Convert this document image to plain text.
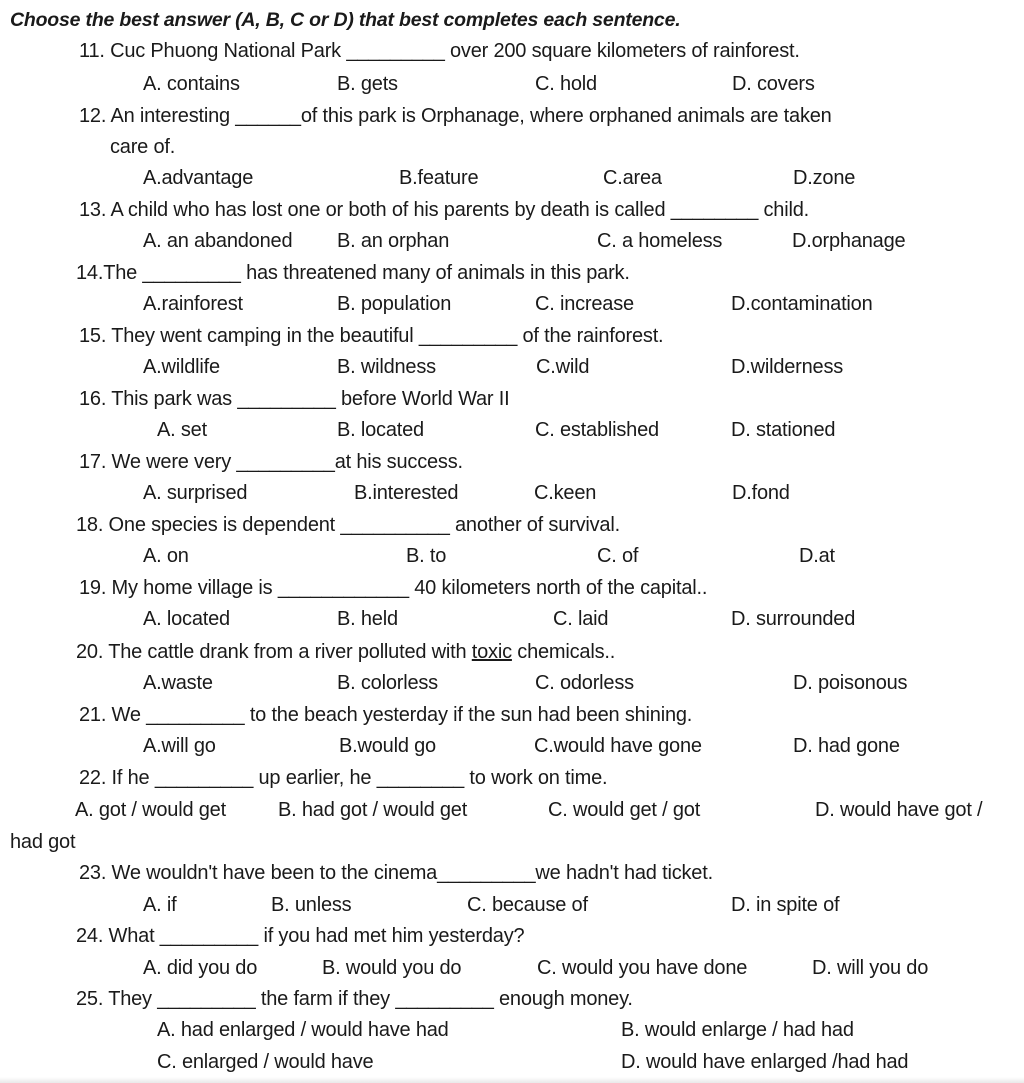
Choose the best answer (A, B, C or D) that best completes each sentence.
11. Cuc Phuong National Park _________ over 200 square kilometers of rainforest.
A. contains	B. gets	C. hold	D. covers
12. An interesting ______of this park is Orphanage, where orphaned animals are taken
care of.
A.advantage	B.feature	C.area	D.zone
13. A child who has lost one or both of his parents by death is called ________ child.
A. an abandoned B. an orphan	C. a homeless	D.orphanage
14.The _________ has threatened many of animals in this park.
A.rainforest	B. population	C. increase	D.contamination
15. They went camping in the beautiful _________ of the rainforest.
A.wildlife	B. wildness	C.wild	D.wilderness
16. This park was _________ before World War II
A. set	B. located	C. established	D. stationed
17. We were very _________at his success.
A. surprised	B.interested	C.keen	D.fond
18. One species is dependent __________ another of survival.
A. on	B. to	C. of	D.at
19. My home village is ____________ 40 kilometers north of the capital..
A. located	B. held	C. laid	D. surrounded
20. The cattle drank from a river polluted with toxic chemicals..
A.waste	B. colorless	C. odorless	D. poisonous
21. We _________ to the beach yesterday if the sun had been shining.
A.will go	B.would go	C.would have gone	D. had gone
22. If he _________ up earlier, he ________ to work on time.
A. got / would get	B. had got / would get	C. would get / got	D. would have got /
had got
23. We wouldn't have been to the cinema_________we hadn't had ticket.
A. if	B. unless	C. because of	D. in spite of
24. What _________ if you had met him yesterday?
A. did you do	B. would you do	C. would you have done	D. will you do
25. They _________ the farm if they _________ enough money.
A. had enlarged / would have had	B. would enlarge / had had
C. enlarged / would have	D. would have enlarged /had had
